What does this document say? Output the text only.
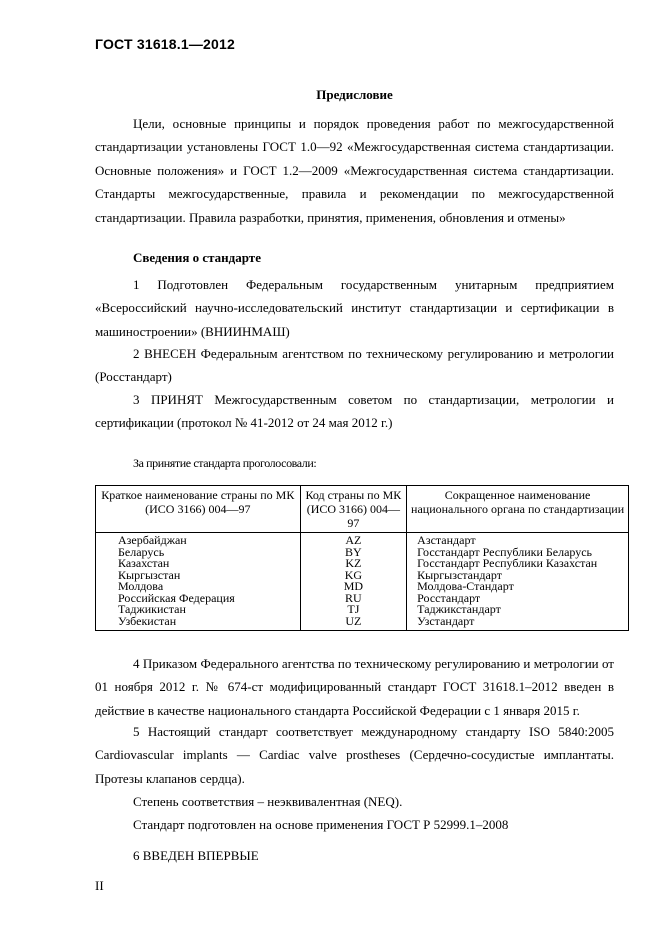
ГОСТ 31618.1—2012
Предисловие

Цели, основные принципы и порядок проведения работ по межгосударственной стандартизации установлены ГОСТ 1.0—92 «Межгосударственная система стандартизации. Основные положения» и ГОСТ 1.2—2009 «Межгосударственная система стандартизации. Стандарты межгосударственные, правила и рекомендации по межгосударственной стандартизации. Правила разработки, принятия, применения, обновления и отмены»

Сведения о стандарте

1 Подготовлен Федеральным государственным унитарным предприятием «Всероссийский научно-исследовательский институт стандартизации и сертификации в машиностроении» (ВНИИНМАШ)

2 ВНЕСЕН Федеральным агентством по техническому регулированию и метрологии (Росстандарт)

3 ПРИНЯТ Межгосударственным советом по стандартизации, метрологии и сертификации (протокол № 41-2012 от 24 мая 2012 г.)

За принятие стандарта проголосовали:
Краткое наименование страны по МК (ИСО 3166) 004—97	Код страны по МК (ИСО 3166) 004—97	Сокращенное наименование национального органа по стандартизации
Азербайджан	AZ	Азстандарт
Беларусь	BY	Госстандарт Республики Беларусь
Казахстан	KZ	Госстандарт Республики Казахстан
Кыргызстан	KG	Кыргызстандарт
Молдова	MD	Молдова-Стандарт
Российская Федерация	RU	Росстандарт
Таджикистан	TJ	Таджикстандарт
Узбекистан	UZ	Узстандарт

4 Приказом Федерального агентства по техническому регулированию и метрологии от 01 ноября 2012 г. № 674-ст модифицированный стандарт ГОСТ 31618.1–2012 введен в действие в качестве национального стандарта Российской Федерации с 1 января 2015 г.

5 Настоящий стандарт соответствует международному стандарту ISO 5840:2005 Cardiovascular implants — Cardiac valve prostheses (Сердечно-сосудистые имплантаты. Протезы клапанов сердца).

Степень соответствия – неэквивалентная (NEQ).

Стандарт подготовлен на основе применения ГОСТ Р 52999.1–2008

6 ВВЕДЕН ВПЕРВЫЕ

II
